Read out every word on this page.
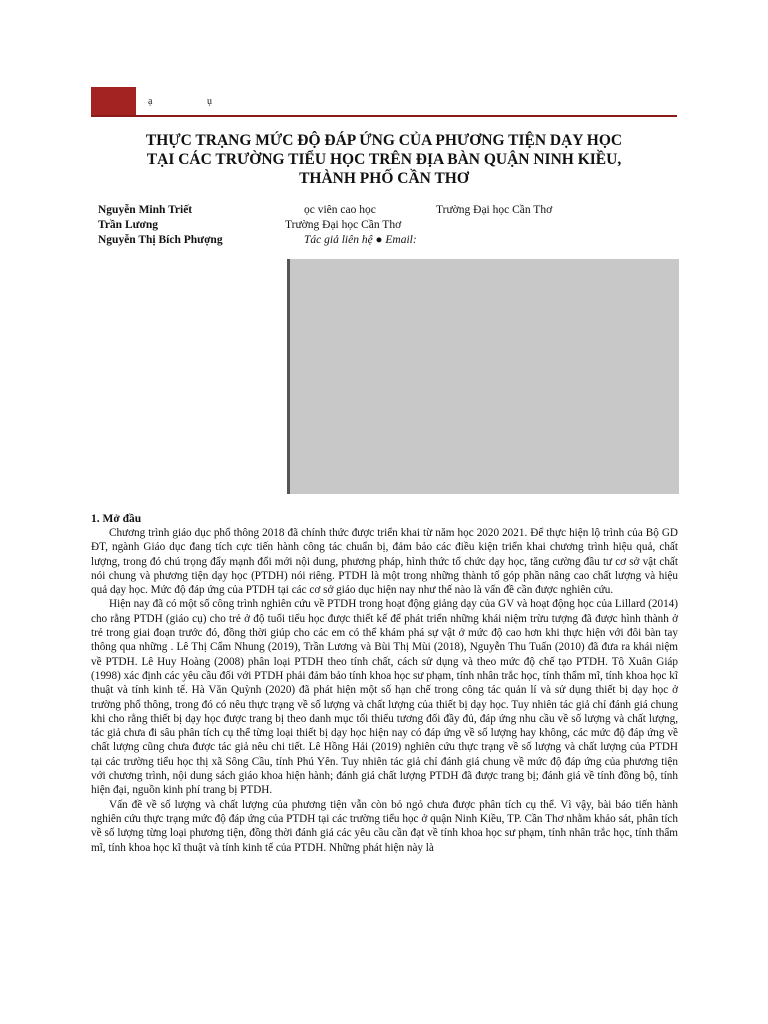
ạ	ụ
THỰC TRẠNG MỨC ĐỘ ĐÁP ỨNG CỦA PHƯƠNG TIỆN DẠY HỌC
TẠI CÁC TRƯỜNG TIỂU HỌC TRÊN ĐỊA BÀN QUẬN NINH KIỀU,
THÀNH PHỐ CẦN THƠ
Nguyễn Minh Triết	ọc viên cao học	Trường Đại học Cần Thơ
Trần Lương	Trường Đại học Cần Thơ
Nguyễn Thị Bích Phượng	Tác giả liên hệ ● Email:
1. Mở đầu

Chương trình giáo dục phổ thông 2018 đã chính thức được triển khai từ năm học 2020 2021. Để thực hiện lộ trình của Bộ GD ĐT, ngành Giáo dục đang tích cực tiến hành công tác chuẩn bị, đảm bảo các điều kiện triển khai chương trình hiệu quả, chất lượng, trong đó chú trọng đẩy mạnh đổi mới nội dung, phương pháp, hình thức tổ chức dạy học, tăng cường đầu tư cơ sở vật chất nói chung và phương tiện dạy học (PTDH) nói riêng. PTDH là một trong những thành tố góp phần nâng cao chất lượng và hiệu quả dạy học. Mức độ đáp ứng của PTDH tại các cơ sở giáo dục hiện nay như thế nào là vấn đề cần được nghiên cứu.

Hiện nay đã có một số công trình nghiên cứu về PTDH trong hoạt động giảng dạy của GV và hoạt động học của Lillard (2014) cho rằng PTDH (giáo cụ) cho trẻ ở độ tuổi tiểu học được thiết kế để phát triển những khái niệm trừu tượng đã được hình thành ở trẻ trong giai đoạn trước đó, đồng thời giúp cho các em có thể khám phá sự vật ở mức độ cao hơn khi thực hiện với đôi bàn tay thông qua những . Lê Thị Cẩm Nhung (2019), Trần Lương và Bùi Thị Mùi (2018), Nguyễn Thu Tuấn (2010) đã đưa ra khái niệm về PTDH. Lê Huy Hoàng (2008) phân loại PTDH theo tính chất, cách sử dụng và theo mức độ chế tạo PTDH. Tô Xuân Giáp (1998) xác định các yêu cầu đối với PTDH phải đảm bảo tính khoa học sư phạm, tính nhân trắc học, tính thẩm mĩ, tính khoa học kĩ thuật và tính kinh tế. Hà Văn Quỳnh (2020) đã phát hiện một số hạn chế trong công tác quản lí và sử dụng thiết bị dạy học ở trường phổ thông, trong đó có nêu thực trạng về số lượng và chất lượng của thiết bị dạy học. Tuy nhiên tác giả chỉ đánh giá chung khi cho rằng thiết bị dạy học được trang bị theo danh mục tối thiểu tương đối đầy đủ, đáp ứng nhu cầu về số lượng và chất lượng, tác giả chưa đi sâu phân tích cụ thể từng loại thiết bị dạy học hiện nay có đáp ứng về số lượng hay không, các mức độ đáp ứng về chất lượng cũng chưa được tác giả nêu chi tiết. Lê Hồng Hải (2019) nghiên cứu thực trạng về số lượng và chất lượng của PTDH tại các trường tiểu học thị xã Sông Cầu, tỉnh Phú Yên. Tuy nhiên tác giả chỉ đánh giá chung về mức độ đáp ứng của phương tiện với chương trình, nội dung sách giáo khoa hiện hành; đánh giá chất lượng PTDH đã được trang bị; đánh giá về tính đồng bộ, tính hiện đại, nguồn kinh phí trang bị PTDH.

Vấn đề về số lượng và chất lượng của phương tiện vẫn còn bỏ ngỏ chưa được phân tích cụ thể. Vì vậy, bài báo tiến hành nghiên cứu thực trạng mức độ đáp ứng của PTDH tại các trường tiểu học ở quận Ninh Kiều, TP. Cần Thơ nhằm khảo sát, phân tích về số lượng từng loại phương tiện, đồng thời đánh giá các yêu cầu cần đạt về tính khoa học sư phạm, tính nhân trắc học, tính thẩm mĩ, tính khoa học kĩ thuật và tính kinh tế của PTDH. Những phát hiện này là
